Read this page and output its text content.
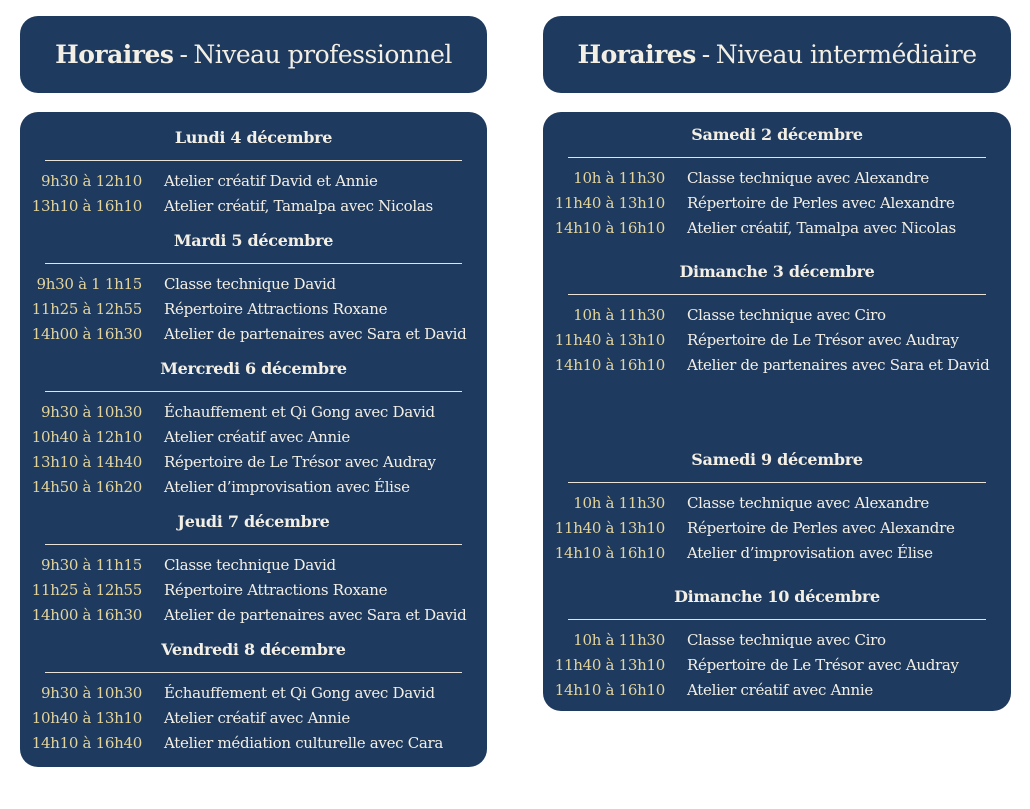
Horaires - Niveau professionnel	Horaires - Niveau intermédiaire
Lundi 4 décembre
9h30 à 12h10	Atelier créatif David et Annie
13h10 à 16h10	Atelier créatif, Tamalpa avec Nicolas
Mardi 5 décembre
9h30 à 1 1h15	Classe technique David
11h25 à 12h55	Répertoire Attractions Roxane
14h00 à 16h30	Atelier de partenaires avec Sara et David
Mercredi 6 décembre
9h30 à 10h30	Échauffement et Qi Gong avec David
10h40 à 12h10	Atelier créatif avec Annie
13h10 à 14h40	Répertoire de Le Trésor avec Audray
14h50 à 16h20	Atelier d’improvisation avec Élise
Jeudi 7 décembre
9h30 à 11h15	Classe technique David
11h25 à 12h55	Répertoire Attractions Roxane
14h00 à 16h30	Atelier de partenaires avec Sara et David
Vendredi 8 décembre
9h30 à 10h30	Échauffement et Qi Gong avec David
10h40 à 13h10	Atelier créatif avec Annie
14h10 à 16h40	Atelier médiation culturelle avec Cara
Samedi 2 décembre
10h à 11h30	Classe technique avec Alexandre
11h40 à 13h10	Répertoire de Perles avec Alexandre
14h10 à 16h10	Atelier créatif, Tamalpa avec Nicolas
Dimanche 3 décembre
10h à 11h30	Classe technique avec Ciro
11h40 à 13h10	Répertoire de Le Trésor avec Audray
14h10 à 16h10	Atelier de partenaires avec Sara et David
Samedi 9 décembre
10h à 11h30	Classe technique avec Alexandre
11h40 à 13h10	Répertoire de Perles avec Alexandre
14h10 à 16h10	Atelier d’improvisation avec Élise
Dimanche 10 décembre
10h à 11h30	Classe technique avec Ciro
11h40 à 13h10	Répertoire de Le Trésor avec Audray
14h10 à 16h10	Atelier créatif avec Annie
